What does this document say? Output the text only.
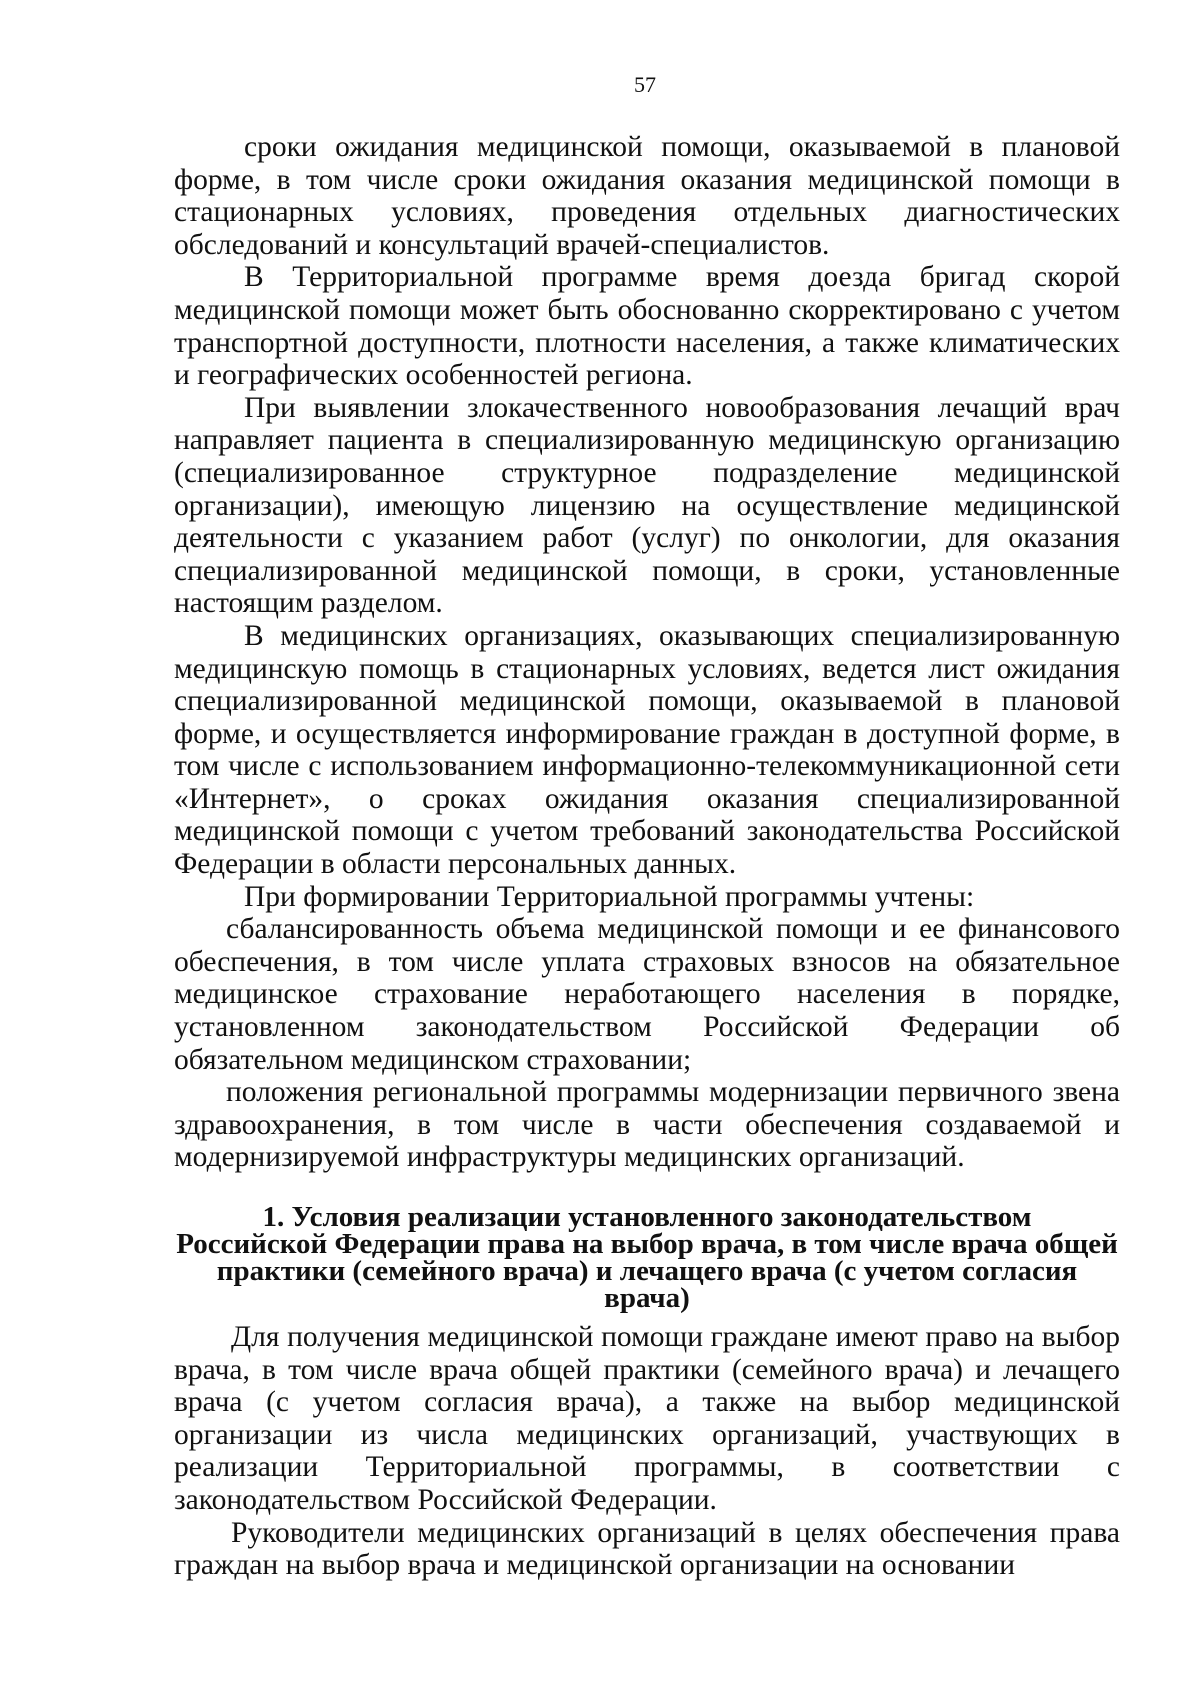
57

сроки ожидания медицинской помощи, оказываемой в плановой форме, в том числе сроки ожидания оказания медицинской помощи в стационарных условиях, проведения отдельных диагностических обследований и консультаций врачей-специалистов.

В Территориальной программе время доезда бригад скорой медицинской помощи может быть обоснованно скорректировано с учетом транспортной доступности, плотности населения, а также климатических и географических особенностей региона.

При выявлении злокачественного новообразования лечащий врач направляет пациента в специализированную медицинскую организацию (специализированное структурное подразделение медицинской организации), имеющую лицензию на осуществление медицинской деятельности с указанием работ (услуг) по онкологии, для оказания специализированной медицинской помощи, в сроки, установленные настоящим разделом.

В медицинских организациях, оказывающих специализированную медицинскую помощь в стационарных условиях, ведется лист ожидания специализированной медицинской помощи, оказываемой в плановой форме, и осуществляется информирование граждан в доступной форме, в том числе с использованием информационно-телекоммуникационной сети «Интернет», о сроках ожидания оказания специализированной медицинской помощи с учетом требований законодательства Российской Федерации в области персональных данных.

При формировании Территориальной программы учтены:

сбалансированность объема медицинской помощи и ее финансового обеспечения, в том числе уплата страховых взносов на обязательное медицинское страхование неработающего населения в порядке, установленном законодательством Российской Федерации об обязательном медицинском страховании;

положения региональной программы модернизации первичного звена здравоохранения, в том числе в части обеспечения создаваемой и модернизируемой инфраструктуры медицинских организаций.

1. Условия реализации установленного законодательством
Российской Федерации права на выбор врача, в том числе врача общей
практики (семейного врача) и лечащего врача (с учетом согласия врача)

Для получения медицинской помощи граждане имеют право на выбор врача, в том числе врача общей практики (семейного врача) и лечащего врача (с учетом согласия врача), а также на выбор медицинской организации из числа медицинских организаций, участвующих в реализации Территориальной программы, в соответствии с законодательством Российской Федерации.

Руководители медицинских организаций в целях обеспечения права граждан на выбор врача и медицинской организации на основании
